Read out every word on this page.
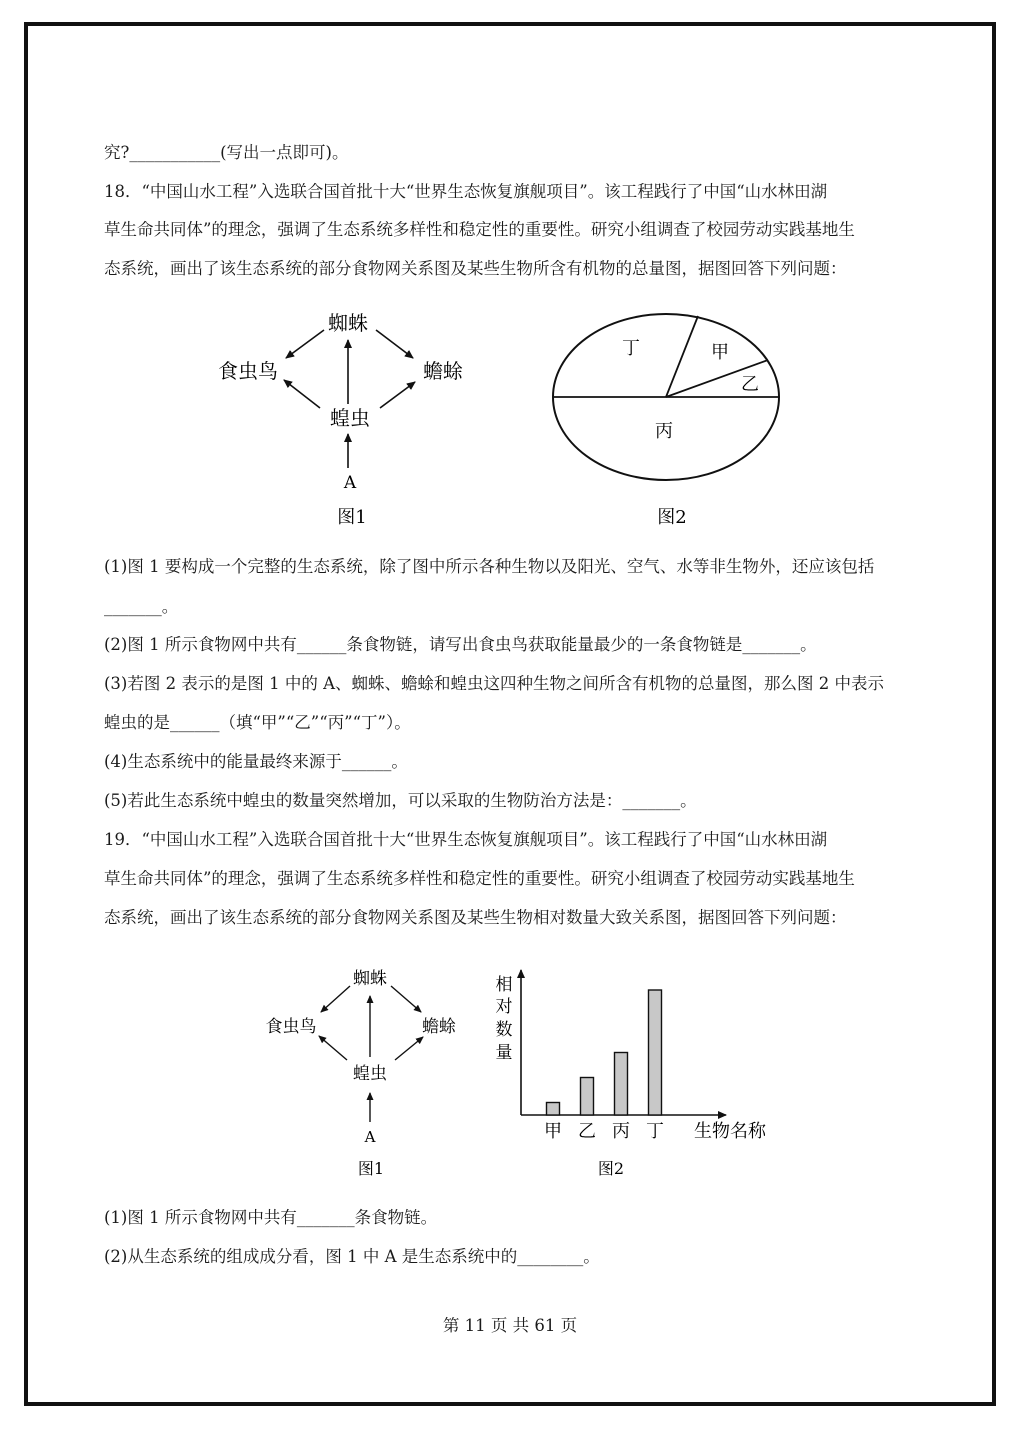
究?___________(写出一点即可)。
18．“中国山水工程”入选联合国首批十大“世界生态恢复旗舰项目”。该工程践行了中国“山水林田湖
草生命共同体”的理念，强调了生态系统多样性和稳定性的重要性。研究小组调查了校园劳动实践基地生
态系统，画出了该生态系统的部分食物网关系图及某些生物所含有机物的总量图，据图回答下列问题：
蜘蛛
食虫鸟	蟾蜍
蝗虫
A
图1
丁	甲
乙
丙
图2
(1)图 1 要构成一个完整的生态系统，除了图中所示各种生物以及阳光、空气、水等非生物外，还应该包括
_______。
(2)图 1 所示食物网中共有______条食物链，请写出食虫鸟获取能量最少的一条食物链是_______。
(3)若图 2 表示的是图 1 中的 A、蜘蛛、蟾蜍和蝗虫这四种生物之间所含有机物的总量图，那么图 2 中表示
蝗虫的是______（填“甲”“乙”“丙”“丁”）。
(4)生态系统中的能量最终来源于______。
(5)若此生态系统中蝗虫的数量突然增加，可以采取的生物防治方法是：_______。
19．“中国山水工程”入选联合国首批十大“世界生态恢复旗舰项目”。该工程践行了中国“山水林田湖
草生命共同体”的理念，强调了生态系统多样性和稳定性的重要性。研究小组调查了校园劳动实践基地生
态系统，画出了该生态系统的部分食物网关系图及某些生物相对数量大致关系图，据图回答下列问题：
蜘蛛
食虫鸟	蟾蜍
蝗虫
A
图1
相
对
数
量
甲 乙 丙 丁 生物名称
图2
(1)图 1 所示食物网中共有_______条食物链。
(2)从生态系统的组成成分看，图 1 中 A 是生态系统中的________。
第 11 页 共 61 页
